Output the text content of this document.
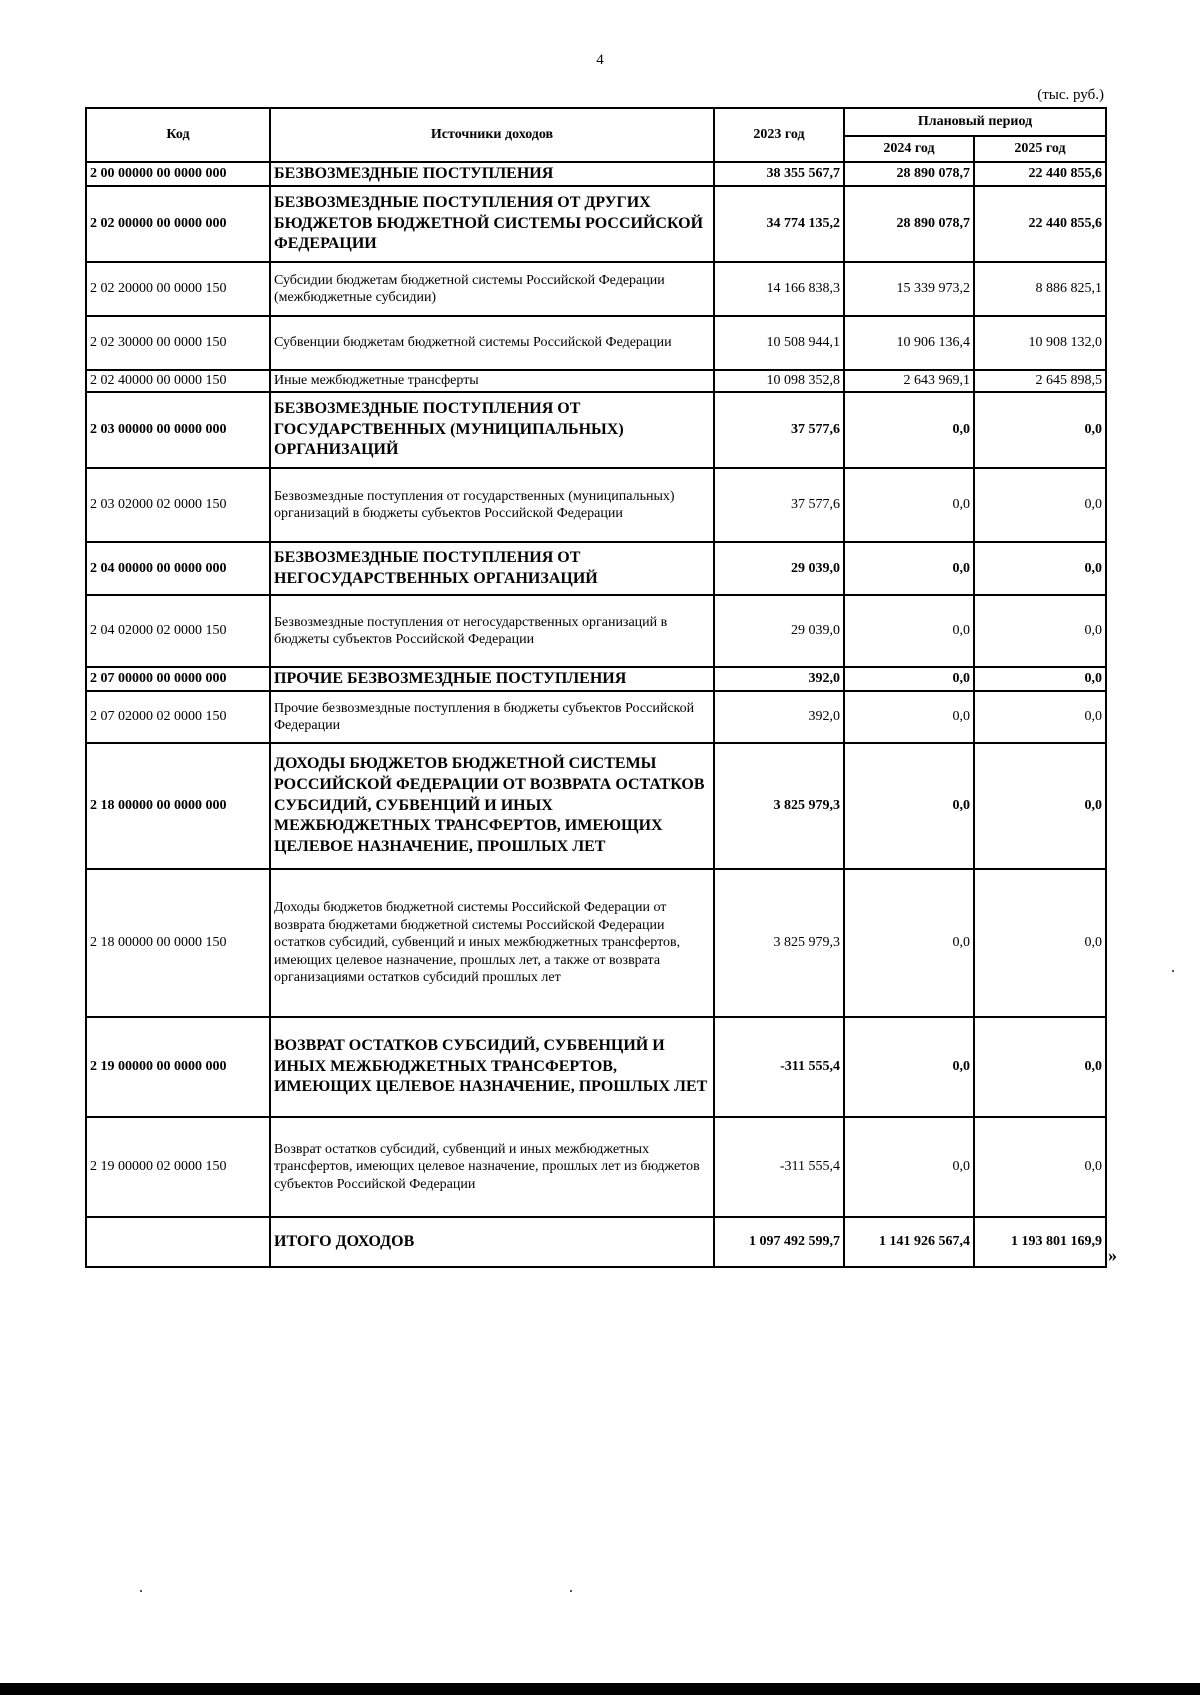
4
(тыс. руб.)
Код	Источники доходов	2023 год	Плановый период	
			2024 год	2025 год
2 00 00000 00 0000 000	БЕЗВОЗМЕЗДНЫЕ ПОСТУПЛЕНИЯ	38 355 567,7	28 890 078,7	22 440 855,6
2 02 00000 00 0000 000	БЕЗВОЗМЕЗДНЫЕ ПОСТУПЛЕНИЯ ОТ ДРУГИХ БЮДЖЕТОВ БЮДЖЕТНОЙ СИСТЕМЫ РОССИЙСКОЙ ФЕДЕРАЦИИ	34 774 135,2	28 890 078,7	22 440 855,6
2 02 20000 00 0000 150	Субсидии бюджетам бюджетной системы Российской Федерации (межбюджетные субсидии)	14 166 838,3	15 339 973,2	8 886 825,1
2 02 30000 00 0000 150	Субвенции бюджетам бюджетной системы Российской Федерации	10 508 944,1	10 906 136,4	10 908 132,0
2 02 40000 00 0000 150	Иные межбюджетные трансферты	10 098 352,8	2 643 969,1	2 645 898,5
2 03 00000 00 0000 000	БЕЗВОЗМЕЗДНЫЕ ПОСТУПЛЕНИЯ ОТ ГОСУДАРСТВЕННЫХ (МУНИЦИПАЛЬНЫХ) ОРГАНИЗАЦИЙ	37 577,6	0,0	0,0
2 03 02000 02 0000 150	Безвозмездные поступления от государственных (муниципальных) организаций в бюджеты субъектов Российской Федерации	37 577,6	0,0	0,0
2 04 00000 00 0000 000	БЕЗВОЗМЕЗДНЫЕ ПОСТУПЛЕНИЯ ОТ НЕГОСУДАРСТВЕННЫХ ОРГАНИЗАЦИЙ	29 039,0	0,0	0,0
2 04 02000 02 0000 150	Безвозмездные поступления от негосударственных организаций в бюджеты субъектов Российской Федерации	29 039,0	0,0	0,0
2 07 00000 00 0000 000	ПРОЧИЕ БЕЗВОЗМЕЗДНЫЕ ПОСТУПЛЕНИЯ	392,0	0,0	0,0
2 07 02000 02 0000 150	Прочие безвозмездные поступления в бюджеты субъектов Российской Федерации	392,0	0,0	0,0
2 18 00000 00 0000 000	ДОХОДЫ БЮДЖЕТОВ БЮДЖЕТНОЙ СИСТЕМЫ РОССИЙСКОЙ ФЕДЕРАЦИИ ОТ ВОЗВРАТА ОСТАТКОВ СУБСИДИЙ, СУБВЕНЦИЙ И ИНЫХ МЕЖБЮДЖЕТНЫХ ТРАНСФЕРТОВ, ИМЕЮЩИХ ЦЕЛЕВОЕ НАЗНАЧЕНИЕ, ПРОШЛЫХ ЛЕТ	3 825 979,3	0,0	0,0
2 18 00000 00 0000 150	Доходы бюджетов бюджетной системы Российской Федерации от возврата бюджетами бюджетной системы Российской Федерации остатков субсидий, субвенций и иных межбюджетных трансфертов, имеющих целевое назначение, прошлых лет, а также от возврата организациями остатков субсидий прошлых лет	3 825 979,3	0,0	0,0
2 19 00000 00 0000 000	ВОЗВРАТ ОСТАТКОВ СУБСИДИЙ, СУБВЕНЦИЙ И ИНЫХ МЕЖБЮДЖЕТНЫХ ТРАНСФЕРТОВ, ИМЕЮЩИХ ЦЕЛЕВОЕ НАЗНАЧЕНИЕ, ПРОШЛЫХ ЛЕТ	-311 555,4	0,0	0,0
2 19 00000 02 0000 150	Возврат остатков субсидий, субвенций и иных межбюджетных трансфертов, имеющих целевое назначение, прошлых лет из бюджетов субъектов Российской Федерации	-311 555,4	0,0	0,0
	ИТОГО ДОХОДОВ	1 097 492 599,7	1 141 926 567,4	1 193 801 169,9
»
